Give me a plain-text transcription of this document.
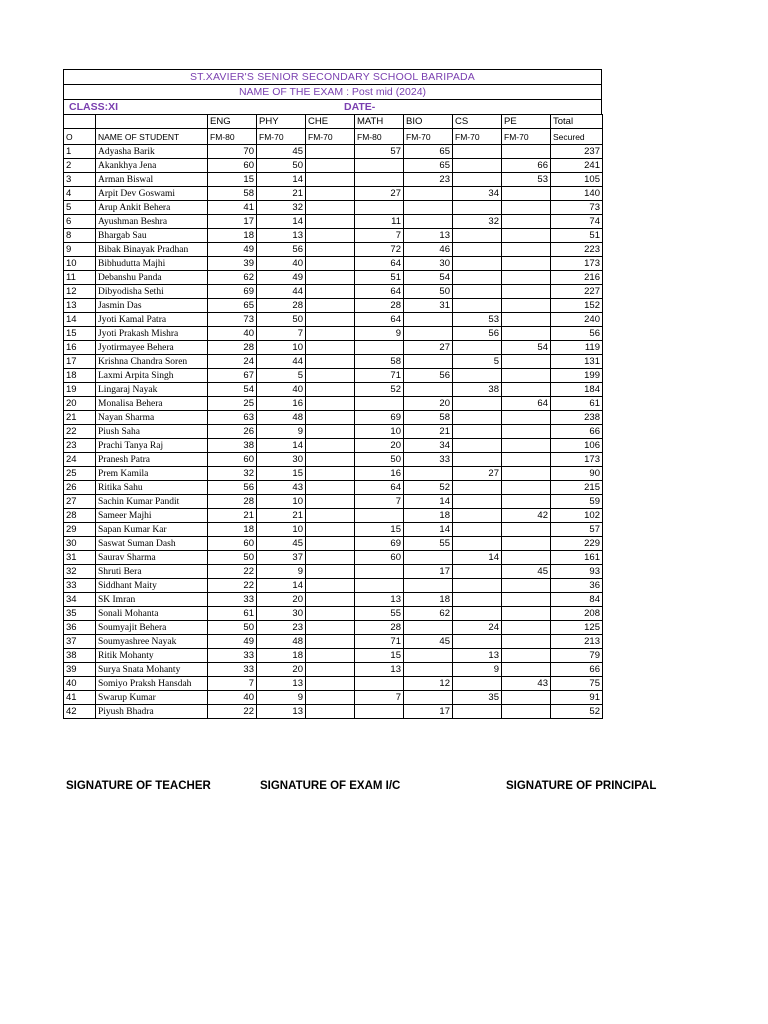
ST.XAVIER'S SENIOR SECONDARY SCHOOL BARIPADA
NAME OF THE EXAM : Post mid (2024)
CLASS:XI	DATE-
		ENG	PHY	CHE	MATH	BIO	CS	PE	Total
O	NAME OF STUDENT	FM-80	FM-70	FM-70	FM-80	FM-70	FM-70	FM-70	Secured
1	Adyasha Barik	70	45		57	65			237
2	Akankhya Jena	60	50			65		66	241
3	Arman Biswal	15	14			23		53	105
4	Arpit Dev Goswami	58	21		27		34		140
5	Arup Ankit Behera	41	32						73
6	Ayushman Beshra	17	14		11		32		74
8	Bhargab Sau	18	13		7	13			51
9	Bibak Binayak Pradhan	49	56		72	46			223
10	Bibhudutta Majhi	39	40		64	30			173
11	Debanshu Panda	62	49		51	54			216
12	Dibyodisha Sethi	69	44		64	50			227
13	Jasmin Das	65	28		28	31			152
14	Jyoti Kamal Patra	73	50		64		53		240
15	Jyoti Prakash Mishra	40	7		9		56		56
16	Jyotirmayee Behera	28	10			27		54	119
17	Krishna Chandra Soren	24	44		58		5		131
18	Laxmi Arpita Singh	67	5		71	56			199
19	Lingaraj Nayak	54	40		52		38		184
20	Monalisa Behera	25	16			20		64	61
21	Nayan Sharma	63	48		69	58			238
22	Piush Saha	26	9		10	21			66
23	Prachi Tanya Raj	38	14		20	34			106
24	Pranesh Patra	60	30		50	33			173
25	Prem Kamila	32	15		16		27		90
26	Ritika Sahu	56	43		64	52			215
27	Sachin Kumar Pandit	28	10		7	14			59
28	Sameer Majhi	21	21			18		42	102
29	Sapan Kumar Kar	18	10		15	14			57
30	Saswat Suman Dash	60	45		69	55			229
31	Saurav Sharma	50	37		60		14		161
32	Shruti Bera	22	9			17		45	93
33	Siddhant Maity	22	14						36
34	SK Imran	33	20		13	18			84
35	Sonali Mohanta	61	30		55	62			208
36	Soumyajit Behera	50	23		28		24		125
37	Soumyashree Nayak	49	48		71	45			213
38	Ritik Mohanty	33	18		15		13		79
39	Surya Snata Mohanty	33	20		13		9		66
40	Somiyo Praksh Hansdah	7	13			12		43	75
41	Swarup Kumar	40	9		7		35		91
42	Piyush Bhadra	22	13			17			52
SIGNATURE OF TEACHER	SIGNATURE OF EXAM I/C	SIGNATURE OF PRINCIPAL
